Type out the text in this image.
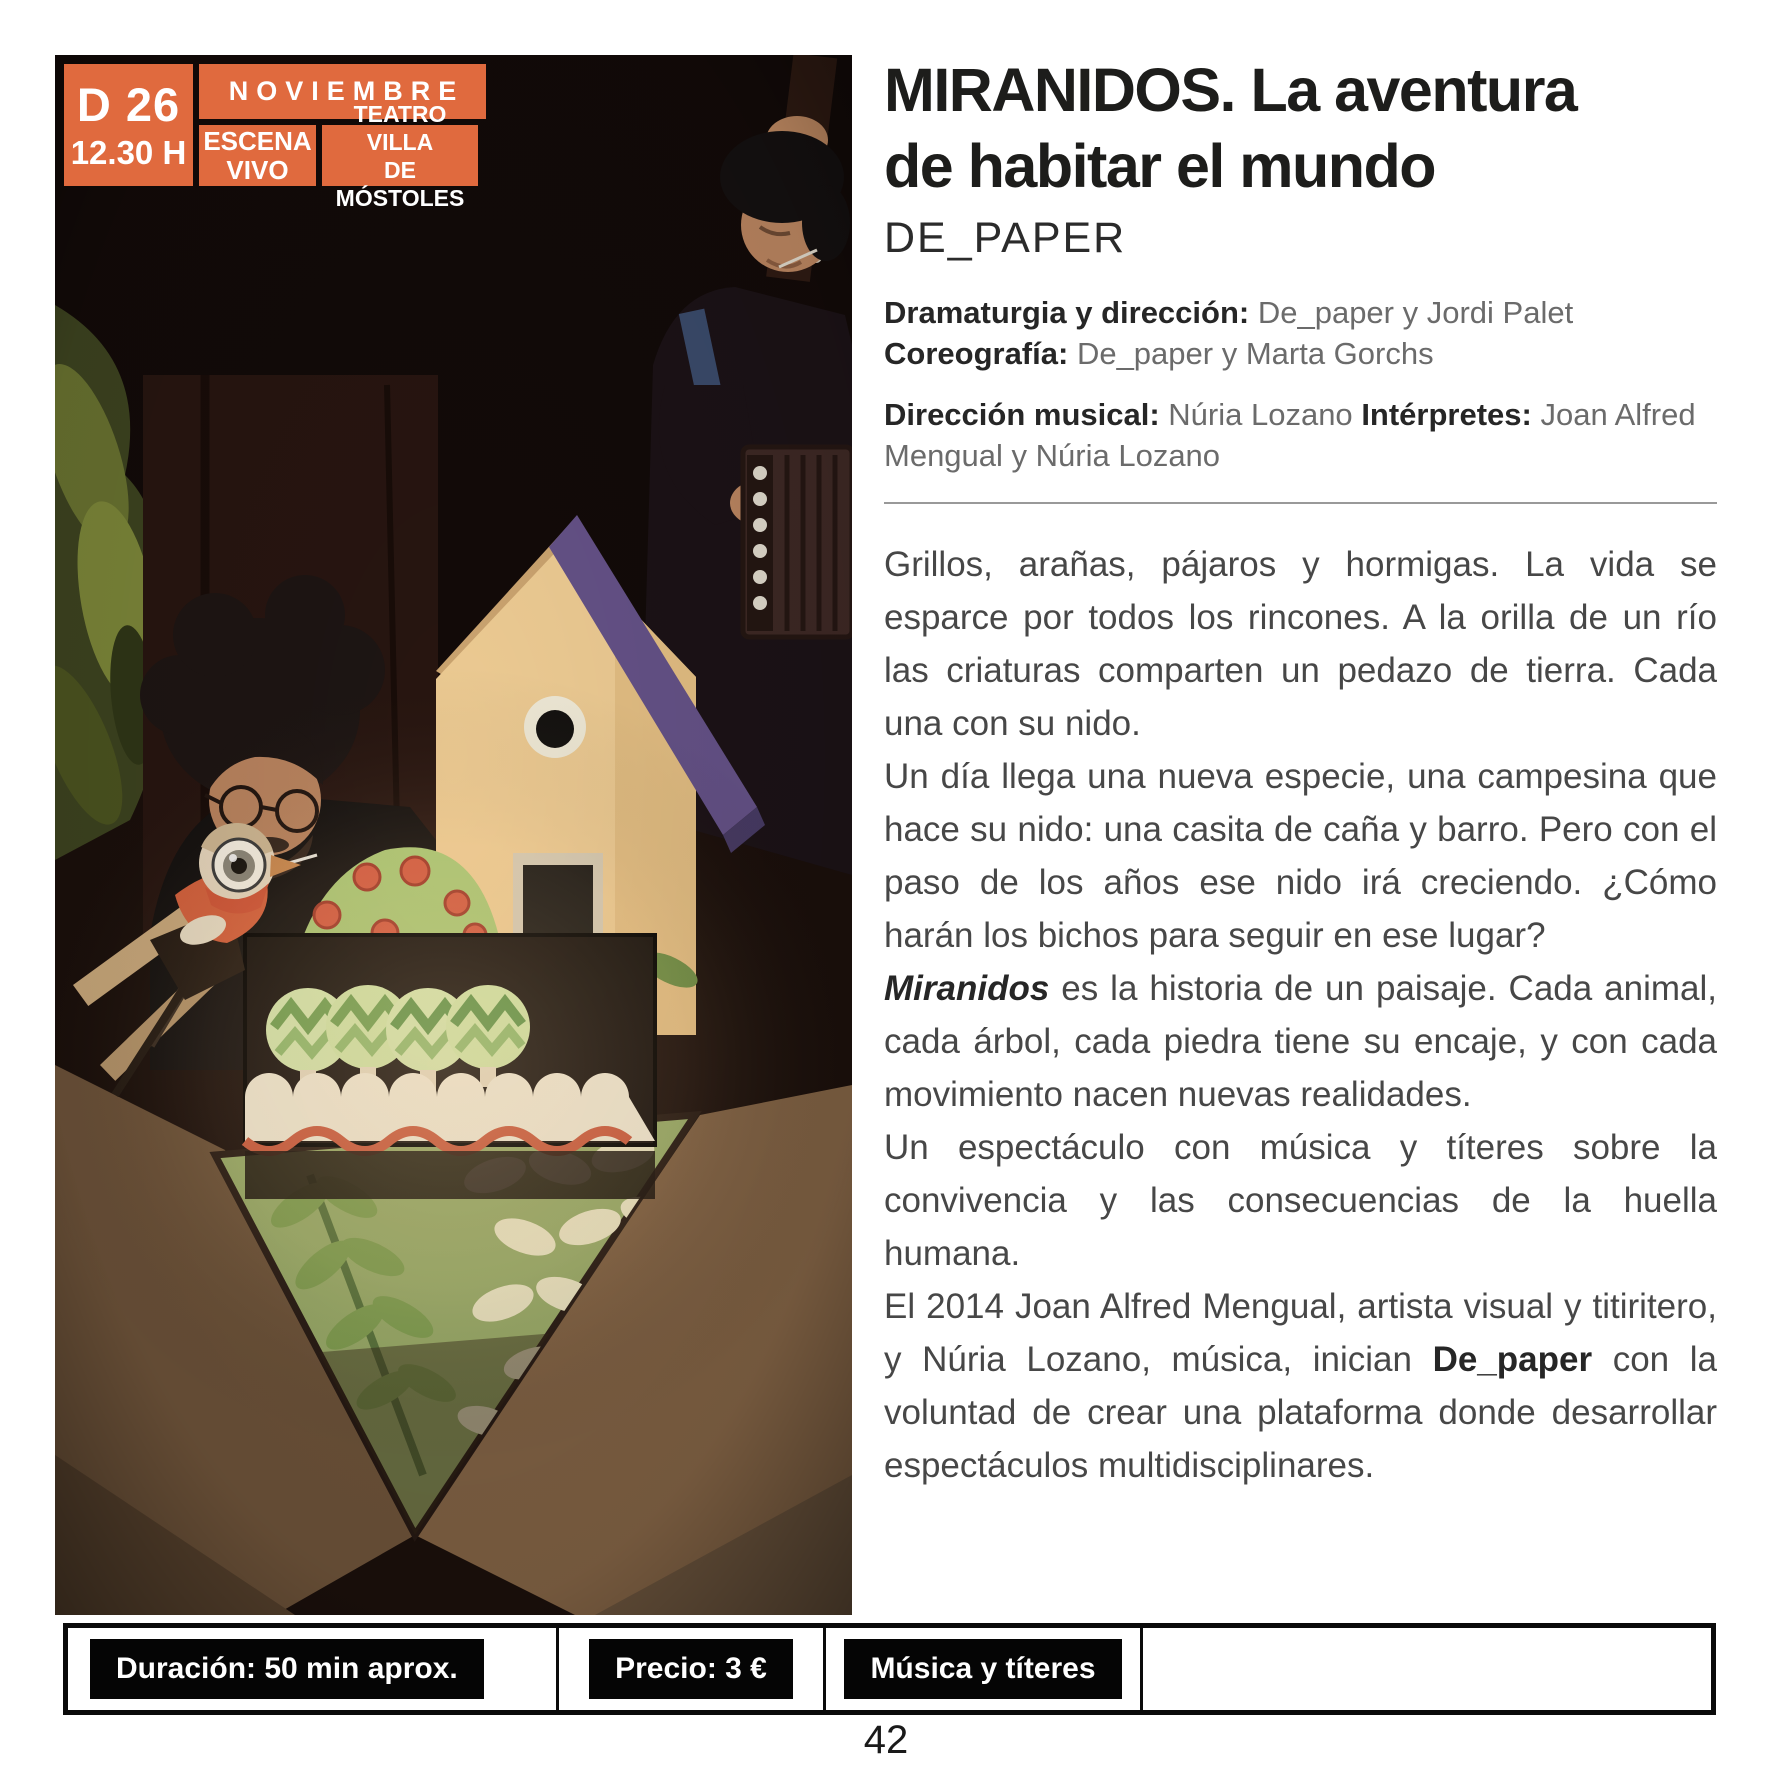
D 26
12.30 H
NOVIEMBRE
ESCENA
VIVO
TEATRO VILLA
DE MÓSTOLES
MIRANIDOS. La aventura
de habitar el mundo
DE_PAPER

Dramaturgia y dirección: De_paper y Jordi Palet

Coreografía: De_paper y Marta Gorchs

Dirección musical: Núria Lozano Intérpretes: Joan Alfred Mengual y Núria Lozano

Grillos, arañas, pájaros y hormigas. La vida se esparce por todos los rincones. A la orilla de un río las criaturas comparten un pedazo de tierra. Cada una con su nido.

Un día llega una nueva especie, una campesina que hace su nido: una casita de caña y barro. Pero con el paso de los años ese nido irá creciendo. ¿Cómo harán los bichos para seguir en ese lugar?

Miranidos es la historia de un paisaje. Cada animal, cada árbol, cada piedra tiene su encaje, y con cada movimiento nacen nuevas realidades.

Un espectáculo con música y títeres sobre la convivencia y las consecuencias de la huella humana.

El 2014 Joan Alfred Mengual, artista visual y titiritero, y Núria Lozano, música, inician De_paper con la voluntad de crear una plataforma donde desarrollar espectáculos multidisciplinares.

Duración: 50 min aprox.	Precio: 3 €	Música y títeres
42
